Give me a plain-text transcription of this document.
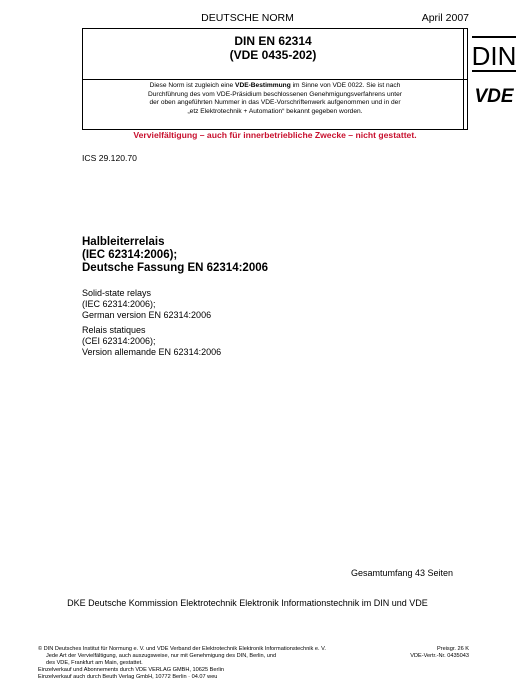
DEUTSCHE NORM	April 2007
DIN EN 62314
(VDE 0435-202)
Diese Norm ist zugleich eine VDE-Bestimmung im Sinne von VDE 0022. Sie ist nach
Durchführung des vom VDE-Präsidium beschlossenen Genehmigungsverfahrens unter
der oben angeführten Nummer in das VDE-Vorschriftenwerk aufgenommen und in der
„etz Elektrotechnik + Automation“ bekannt gegeben worden.
DIN
VDE
Vervielfältigung – auch für innerbetriebliche Zwecke – nicht gestattet.
ICS 29.120.70
Halbleiterrelais
(IEC 62314:2006);
Deutsche Fassung EN 62314:2006
Solid-state relays
(IEC 62314:2006);
German version EN 62314:2006
Relais statiques
(CEI 62314:2006);
Version allemande EN 62314:2006
Gesamtumfang 43 Seiten
DKE Deutsche Kommission Elektrotechnik Elektronik Informationstechnik im DIN und VDE
© DIN Deutsches Institut für Normung e. V. und VDE Verband der Elektrotechnik Elektronik Informationstechnik e. V.
Jede Art der Vervielfältigung, auch auszugsweise, nur mit Genehmigung des DIN, Berlin, und
des VDE, Frankfurt am Main, gestattet.
Einzelverkauf und Abonnements durch VDE VERLAG GMBH, 10625 Berlin
Einzelverkauf auch durch Beuth Verlag GmbH, 10772 Berlin · 04.07 weu
Preisgr. 26 K
VDE-Vertr.-Nr. 0435043
